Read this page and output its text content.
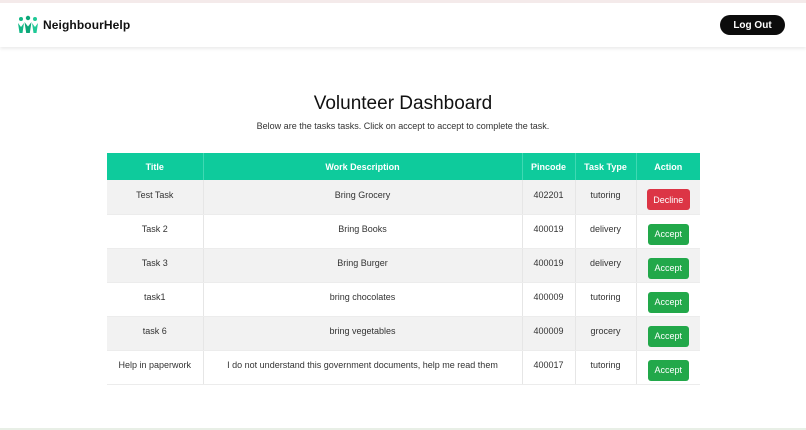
NeighbourHelp	Log Out
Volunteer Dashboard

Below are the tasks tasks. Click on accept to accept to complete the task.

Title	Work Description	Pincode	Task Type	Action
Test Task	Bring Grocery	402201	tutoring	Decline
Task 2	Bring Books	400019	delivery	Accept
Task 3	Bring Burger	400019	delivery	Accept
task1	bring chocolates	400009	tutoring	Accept
task 6	bring vegetables	400009	grocery	Accept
Help in paperwork	I do not understand this government documents, help me read them	400017	tutoring	Accept
